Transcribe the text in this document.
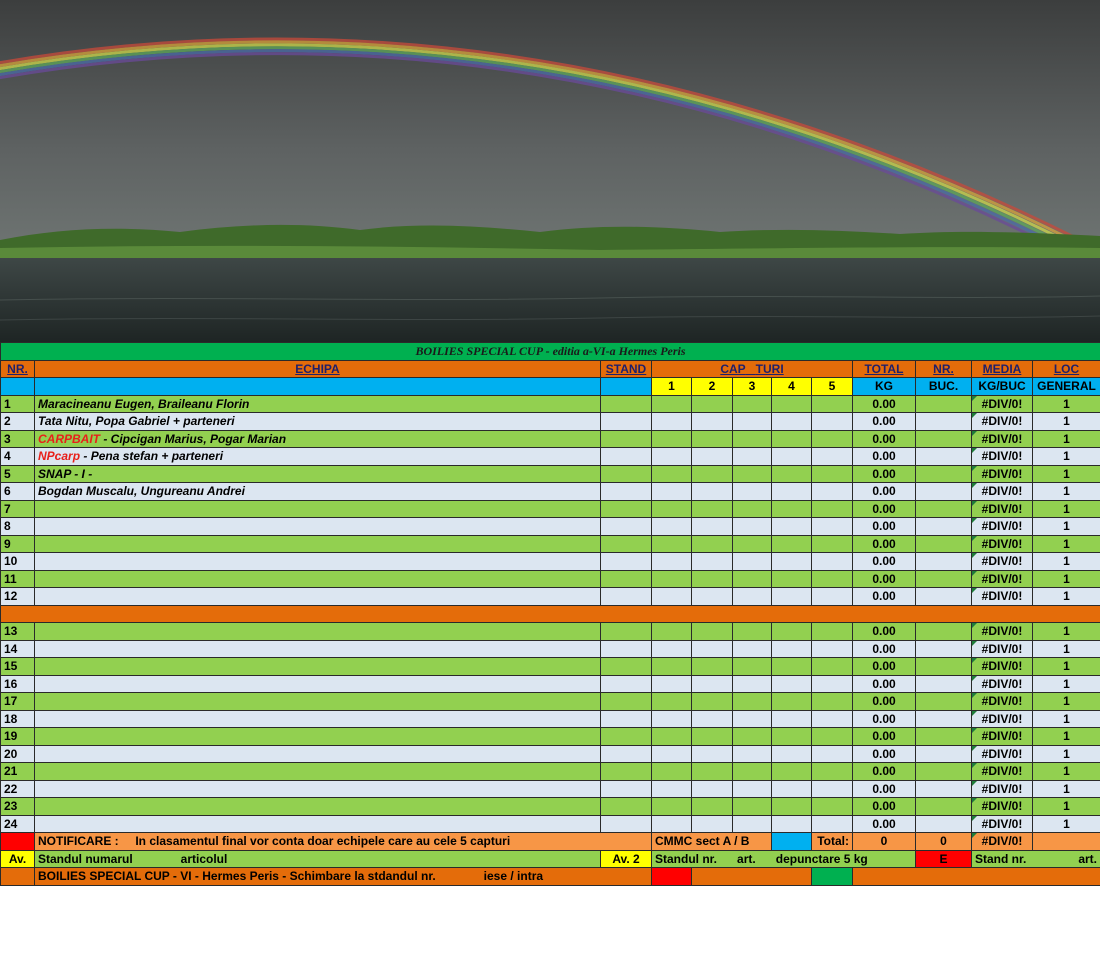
BOILIES SPECIAL CUP - editia a-VI-a Hermes Peris											
NR.	ECHIPA	STAND	CAP TURI					TOTAL	NR.	MEDIA	LOC
			1	2	3	4	5	KG	BUC.	KG/BUC	GENERAL
1	Maracineanu Eugen, Braileanu Florin							0.00		#DIV/0!	1
2	Tata Nitu, Popa Gabriel + parteneri							0.00		#DIV/0!	1
3	CARPBAIT - Cipcigan Marius, Pogar Marian							0.00		#DIV/0!	1
4	NPcarp - Pena stefan + parteneri							0.00		#DIV/0!	1
5	SNAP - I -							0.00		#DIV/0!	1
6	Bogdan Muscalu, Ungureanu Andrei							0.00		#DIV/0!	1
7								0.00		#DIV/0!	1
8								0.00		#DIV/0!	1
9								0.00		#DIV/0!	1
10								0.00		#DIV/0!	1
11								0.00		#DIV/0!	1
12								0.00		#DIV/0!	1

13								0.00		#DIV/0!	1
14								0.00		#DIV/0!	1
15								0.00		#DIV/0!	1
16								0.00		#DIV/0!	1
17								0.00		#DIV/0!	1
18								0.00		#DIV/0!	1
19								0.00		#DIV/0!	1
20								0.00		#DIV/0!	1
21								0.00		#DIV/0!	1
22								0.00		#DIV/0!	1
23								0.00		#DIV/0!	1
24								0.00		#DIV/0!	1
	NOTIFICARE : In clasamentul final vor conta doar echipele care au cele 5 capturi		CMMC sect A / B				Total:	0	0	#DIV/0!	
Av.	Standul numarul articolul	Av. 2	Standul nr. art. depunctare 5 kg						E	Stand nr. art.	

	BOILIES SPECIAL CUP - VI - Hermes Peris - Schimbare la stdandul nr. iese / intra										
